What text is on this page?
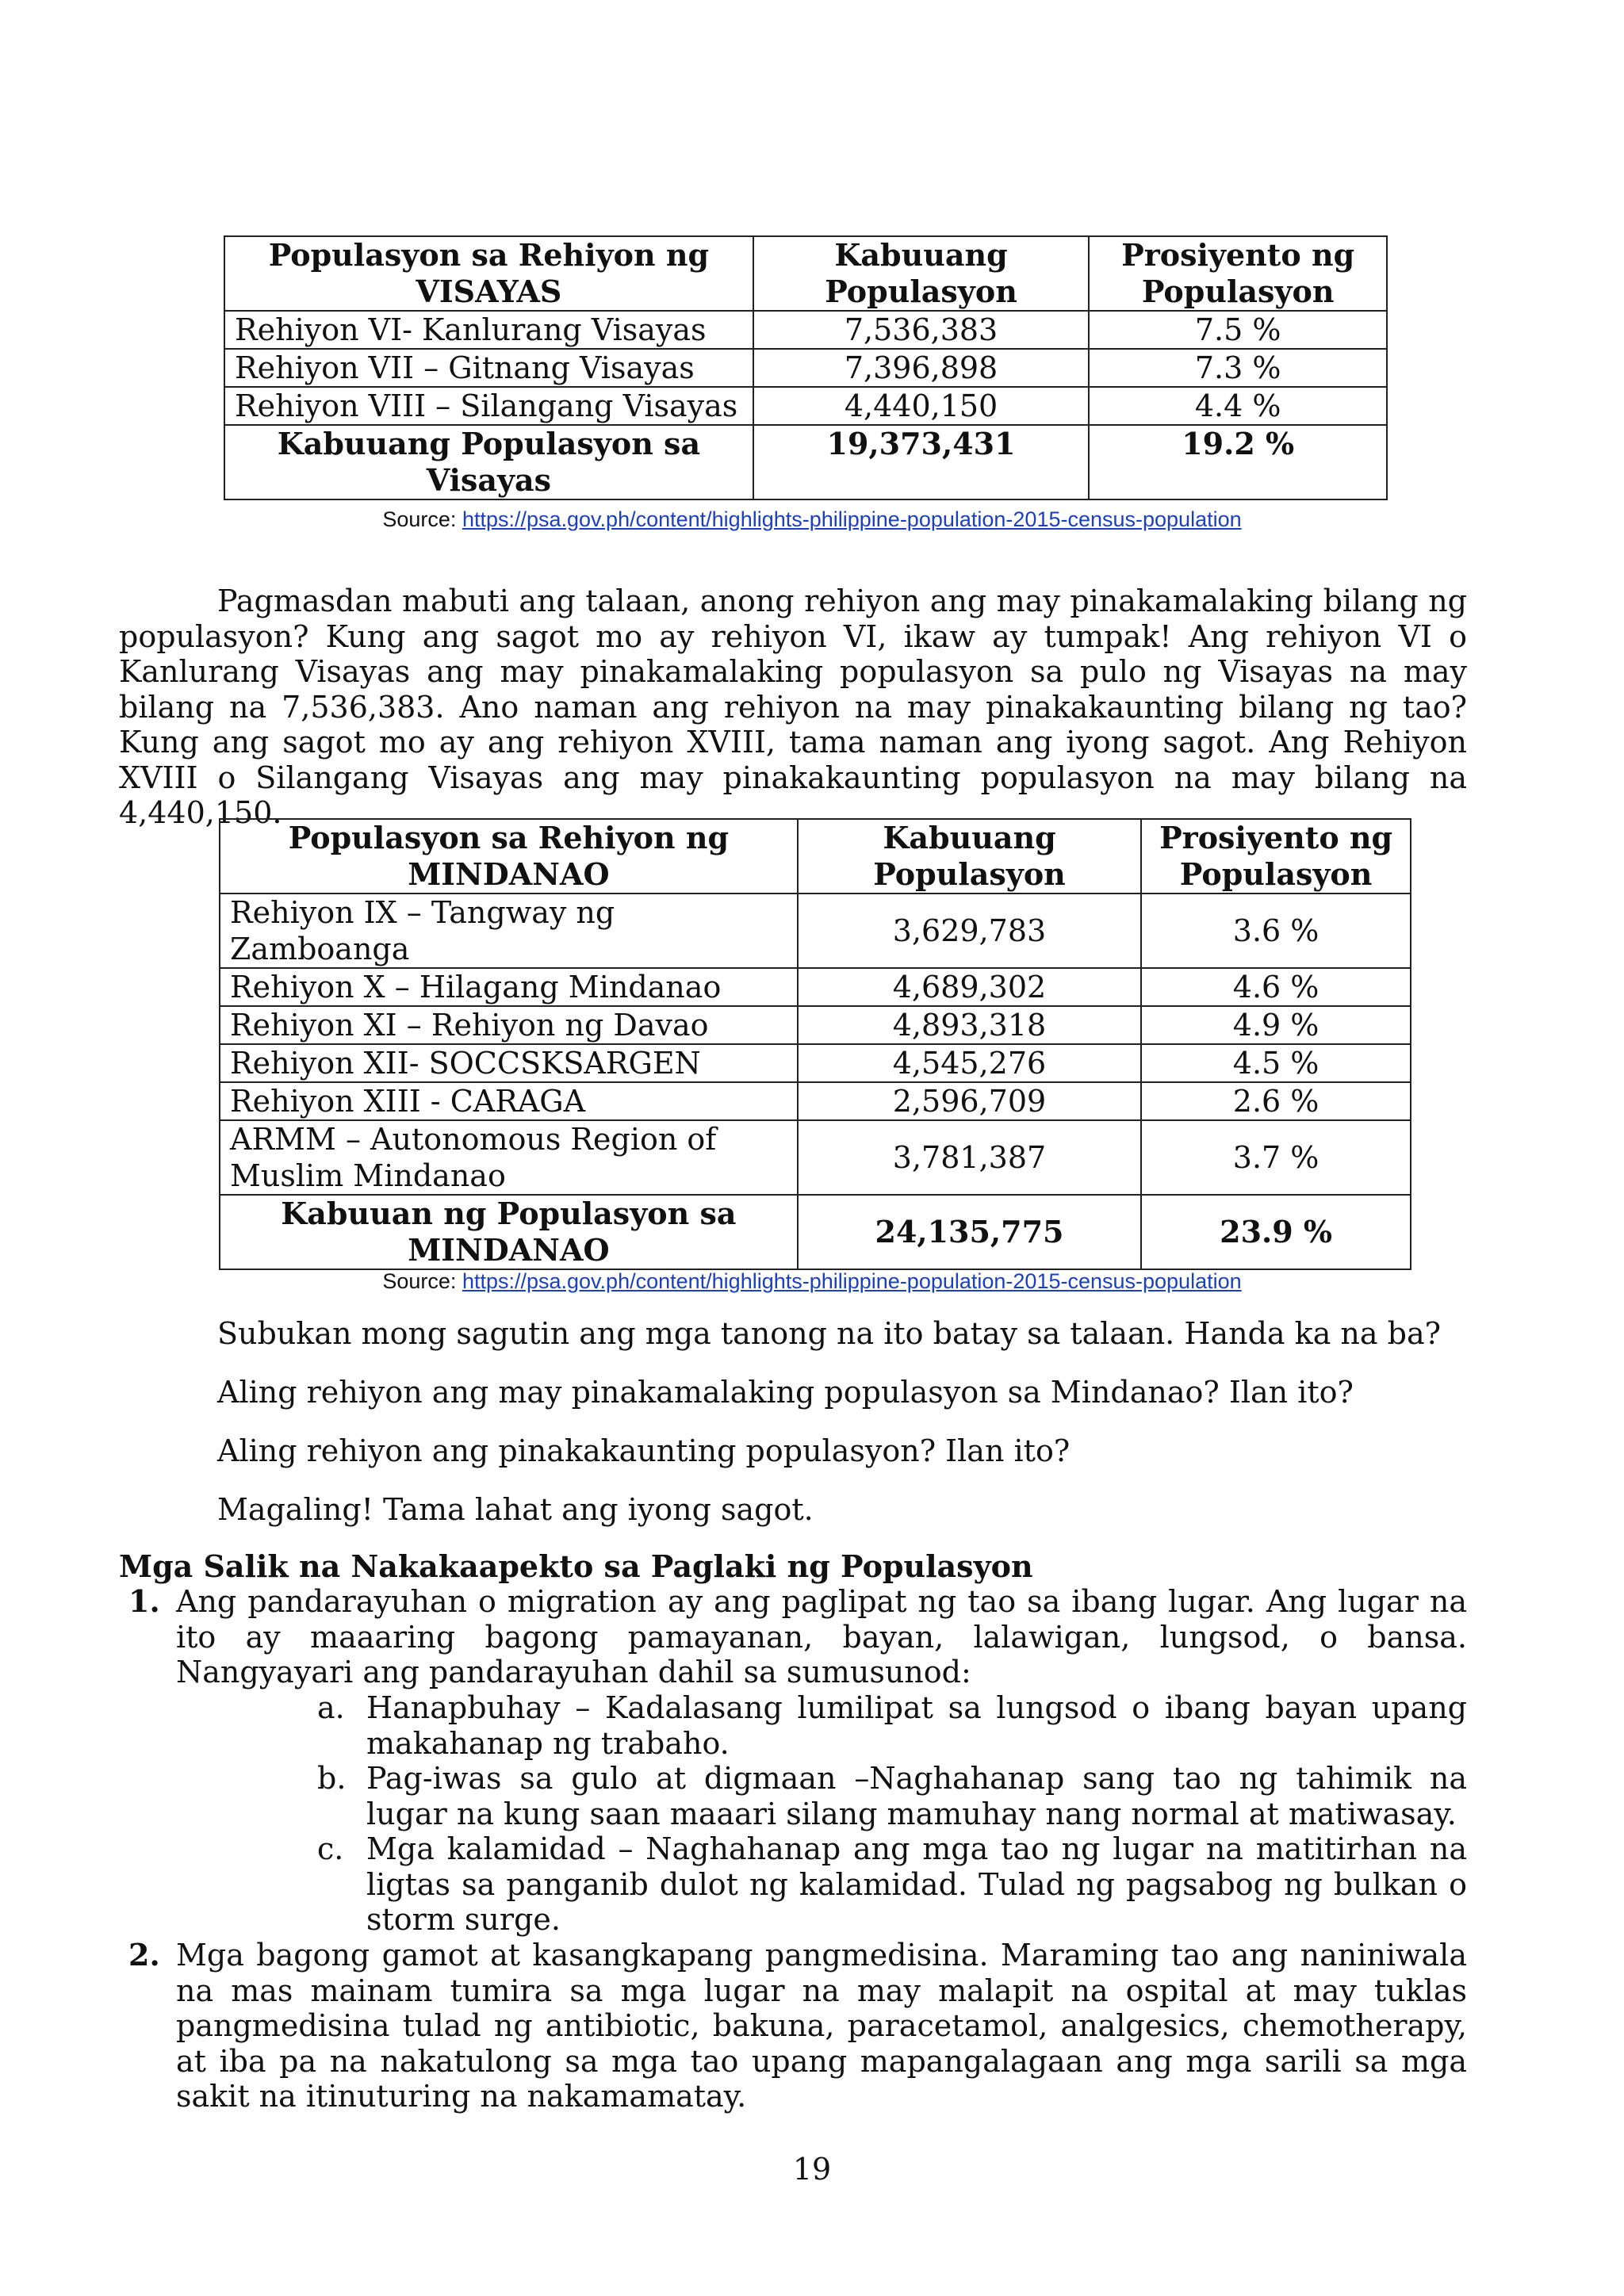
Populasyon sa Rehiyon ng VISAYAS	Kabuuang Populasyon	Prosiyento ng Populasyon
Rehiyon VI- Kanlurang Visayas	7,536,383	7.5 %
Rehiyon VII – Gitnang Visayas	7,396,898	7.3 %
Rehiyon VIII – Silangang Visayas	4,440,150	4.4 %
Kabuuang Populasyon sa Visayas	19,373,431	19.2 %
Source: https://psa.gov.ph/content/highlights-philippine-population-2015-census-population
Pagmasdan mabuti ang talaan, anong rehiyon ang may pinakamalaking bilang ng populasyon? Kung ang sagot mo ay rehiyon VI, ikaw ay tumpak! Ang rehiyon VI o Kanlurang Visayas ang may pinakamalaking populasyon sa pulo ng Visayas na may bilang na 7,536,383. Ano naman ang rehiyon na may pinakakaunting bilang ng tao? Kung ang sagot mo ay ang rehiyon XVIII, tama naman ang iyong sagot. Ang Rehiyon XVIII o Silangang Visayas ang may pinakakaunting populasyon na may bilang na 4,440,150.
Populasyon sa Rehiyon ng MINDANAO	Kabuuang Populasyon	Prosiyento ng Populasyon
Rehiyon IX – Tangway ng Zamboanga	3,629,783	3.6 %
Rehiyon X – Hilagang Mindanao	4,689,302	4.6 %
Rehiyon XI – Rehiyon ng Davao	4,893,318	4.9 %
Rehiyon XII- SOCCSKSARGEN	4,545,276	4.5 %
Rehiyon XIII - CARAGA	2,596,709	2.6 %
ARMM – Autonomous Region of Muslim Mindanao	3,781,387	3.7 %
Kabuuan ng Populasyon sa MINDANAO	24,135,775	23.9 %
Source: https://psa.gov.ph/content/highlights-philippine-population-2015-census-population
Subukan mong sagutin ang mga tanong na ito batay sa talaan. Handa ka na ba?
Aling rehiyon ang may pinakamalaking populasyon sa Mindanao? Ilan ito?
Aling rehiyon ang pinakakaunting populasyon? Ilan ito?
Magaling! Tama lahat ang iyong sagot.
Mga Salik na Nakakaapekto sa Paglaki ng Populasyon
1. Ang pandarayuhan o migration ay ang paglipat ng tao sa ibang lugar. Ang lugar na ito ay maaaring bagong pamayanan, bayan, lalawigan, lungsod, o bansa. Nangyayari ang pandarayuhan dahil sa sumusunod:
a. Hanapbuhay – Kadalasang lumilipat sa lungsod o ibang bayan upang makahanap ng trabaho.
b. Pag-iwas sa gulo at digmaan –Naghahanap sang tao ng tahimik na lugar na kung saan maaari silang mamuhay nang normal at matiwasay.
c. Mga kalamidad – Naghahanap ang mga tao ng lugar na matitirhan na ligtas sa panganib dulot ng kalamidad. Tulad ng pagsabog ng bulkan o storm surge.
2. Mga bagong gamot at kasangkapang pangmedisina. Maraming tao ang naniniwala na mas mainam tumira sa mga lugar na may malapit na ospital at may tuklas pangmedisina tulad ng antibiotic, bakuna, paracetamol, analgesics, chemotherapy, at iba pa na nakatulong sa mga tao upang mapangalagaan ang mga sarili sa mga sakit na itinuturing na nakamamatay.
19
